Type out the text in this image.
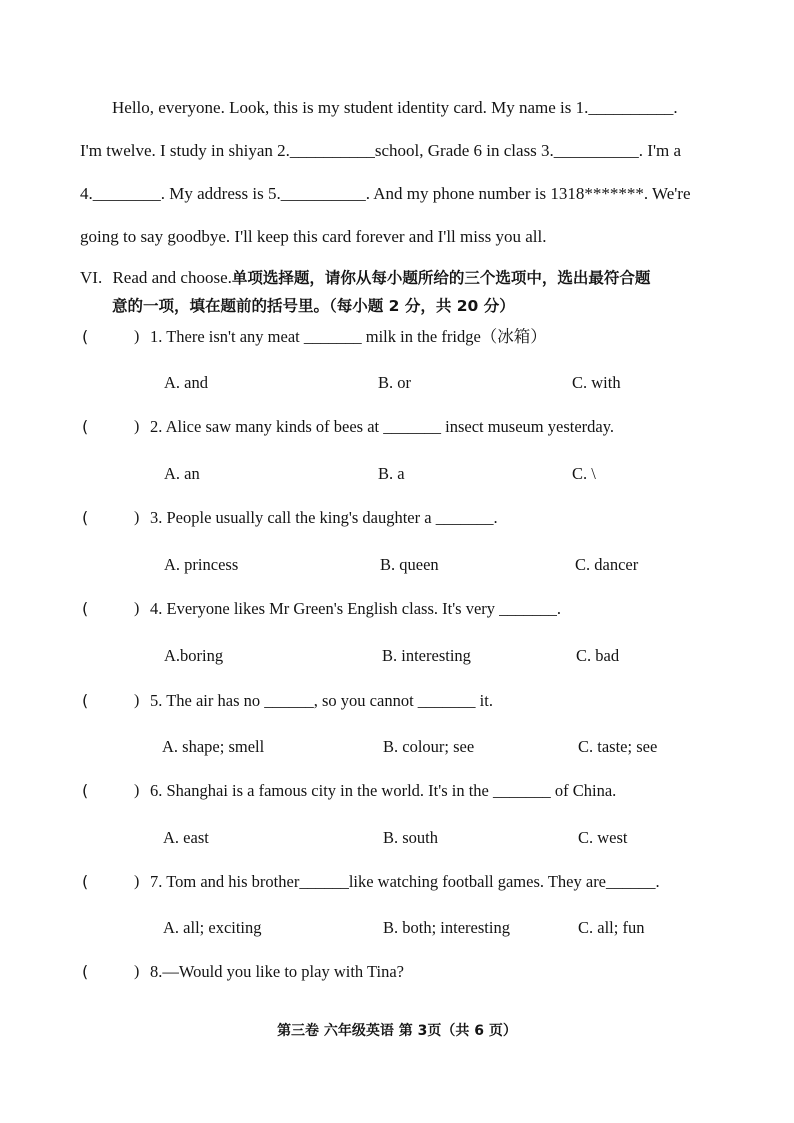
Hello, everyone. Look, this is my student identity card. My name is 1.__________.
I'm twelve. I study in shiyan 2.__________school, Grade 6 in class 3.__________. I'm a
4.________. My address is 5.__________. And my phone number is 1318*******. We're
going to say goodbye. I'll keep this card forever and I'll miss you all.
VI. Read and choose.单项选择题，请你从每小题所给的三个选项中，选出最符合题
意的一项，填在题前的括号里。（每小题 2 分，共 20 分）
(	) 1. There isn't any meat _______ milk in the fridge（冰箱）
A. and	B. or	C. with
(	) 2. Alice saw many kinds of bees at _______ insect museum yesterday.
A. an	B. a	C. \
(	) 3. People usually call the king's daughter a _______.
A. princess	B. queen	C. dancer
(	) 4. Everyone likes Mr Green's English class. It's very _______.
A.boring	B. interesting	C. bad
(	) 5. The air has no ______, so you cannot _______ it.
A. shape; smell	B. colour; see	C. taste; see
(	) 6. Shanghai is a famous city in the world. It's in the _______ of China.
A. east	B. south	C. west
(	) 7. Tom and his brother______like watching football games. They are______.
A. all; exciting	B. both; interesting	C. all; fun
(	) 8.—Would you like to play with Tina?
第三卷 六年级英语 第 3页（共 6 页）
